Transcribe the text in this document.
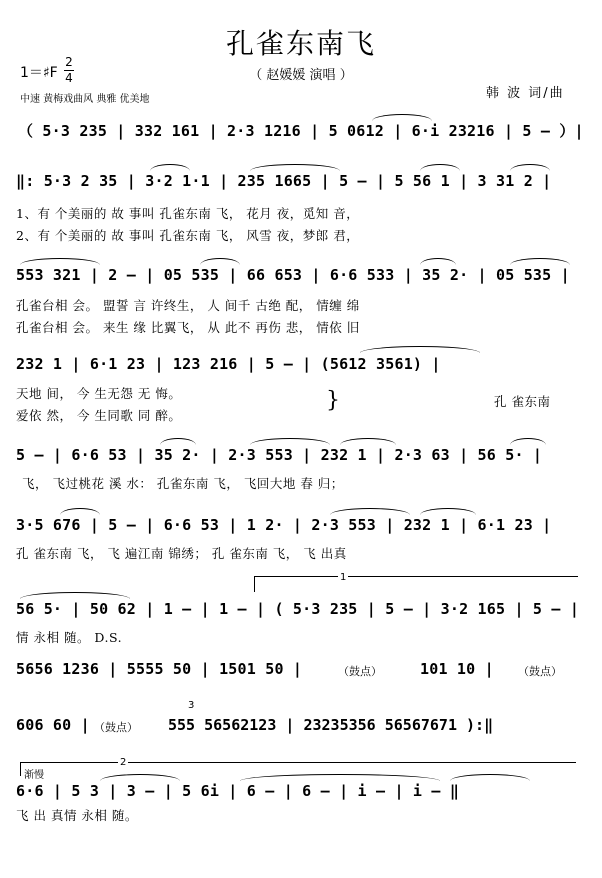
孔雀东南飞
（ 赵媛媛 演唱 ）
1＝♯F
2
4
中速 黄梅戏曲风 典雅 优美地	韩 波 词/曲
（ 5·3 235 | 332 161 | 2·3 1216 | 5 0612 | 6·i 23216 | 5 – ）|
‖: 5·3 2 35 | 3·2 1·1 | 235 1665 | 5 – | 5 56 1 | 3 31 2 |
1、有 个美丽的 故 事叫 孔雀东南 飞， 花月 夜，觅知 音，
2、有 个美丽的 故 事叫 孔雀东南 飞， 风雪 夜，梦郎 君，
553 321 | 2 – | 05 535 | 66 653 | 6·6 533 | 35 2· | 05 535 |
孔雀台相 会。 盟誓 言 许终生， 人 间千 古绝 配， 情缠 绵
孔雀台相 会。 来生 缘 比翼飞， 从 此不 再伤 悲， 情依 旧
232 1 | 6·1 23 | 123 216 | 5 – | (5612 3561) |
天地 间， 今 生无怨 无 悔。
爱依 然， 今 生同歌 同 醉。
}	孔 雀东南
5 – | 6·6 53 | 35 2· | 2·3 553 | 232 1 | 2·3 63 | 56 5· |
飞， 飞过桃花 溪 水： 孔雀东南 飞， 飞回大地 春 归；
3·5 676 | 5 – | 6·6 53 | 1 2· | 2·3 553 | 232 1 | 6·1 23 |
孔 雀东南 飞， 飞 遍江南 锦绣； 孔 雀东南 飞， 飞 出真
1
56 5· | 50 62 | 1 – | 1 – | ( 5·3 235 | 5 – | 3·2 165 | 5 – |
情 永相 随。 D.S.
5656 1236 | 5555 50 | 1501 50 |	（鼓点）	101 10 | （鼓点）
606 60 | （鼓点） 555 56562123 | 23235356 56567671 ):‖
3
渐慢
2
6·6 | 5 3 | 3 – | 5 6i | 6 – | 6 – | i – | i – ‖
飞 出 真情 永相 随。
